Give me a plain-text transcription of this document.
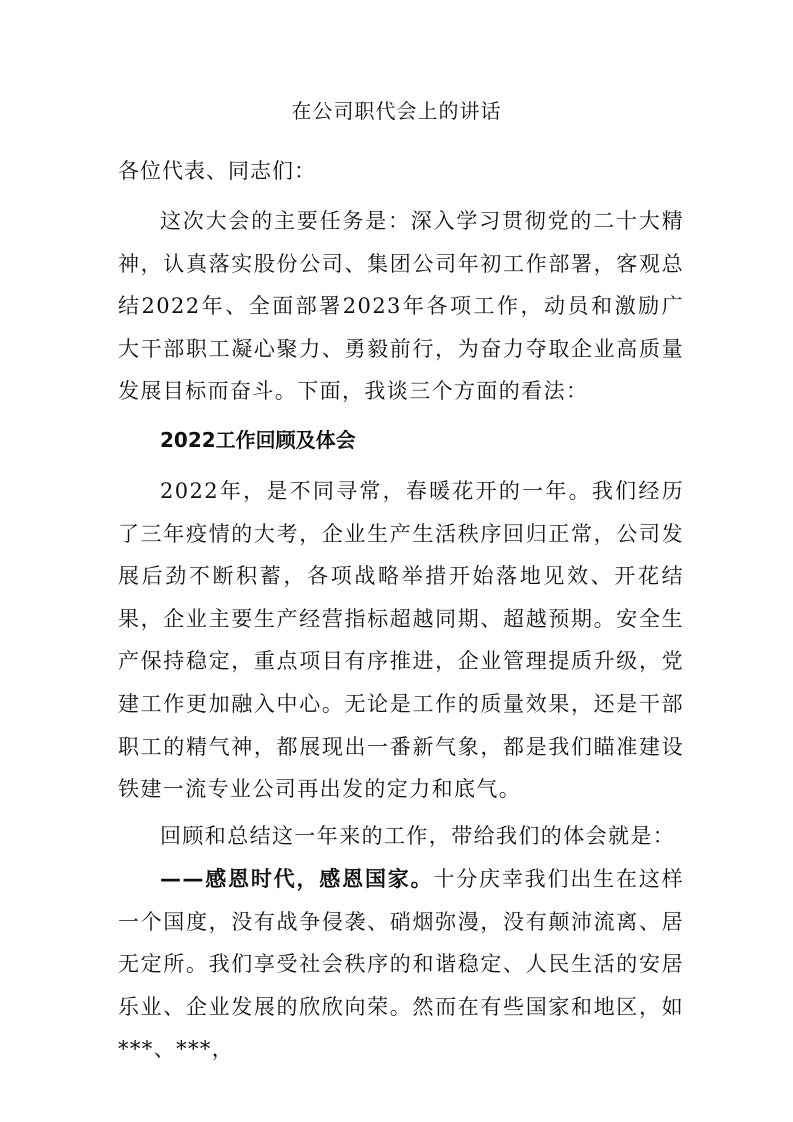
在公司职代会上的讲话
各位代表、同志们：

这次大会的主要任务是：深入学习贯彻党的二十大精神，认真落实股份公司、集团公司年初工作部署，客观总结2022年、全面部署2023年各项工作，动员和激励广大干部职工凝心聚力、勇毅前行，为奋力夺取企业高质量发展目标而奋斗。下面，我谈三个方面的看法：

2022工作回顾及体会

2022年，是不同寻常，春暖花开的一年。我们经历了三年疫情的大考，企业生产生活秩序回归正常，公司发展后劲不断积蓄，各项战略举措开始落地见效、开花结果，企业主要生产经营指标超越同期、超越预期。安全生产保持稳定，重点项目有序推进，企业管理提质升级，党建工作更加融入中心。无论是工作的质量效果，还是干部职工的精气神，都展现出一番新气象，都是我们瞄准建设铁建一流专业公司再出发的定力和底气。

回顾和总结这一年来的工作，带给我们的体会就是：

——感恩时代，感恩国家。十分庆幸我们出生在这样一个国度，没有战争侵袭、硝烟弥漫，没有颠沛流离、居无定所。我们享受社会秩序的和谐稳定、人民生活的安居乐业、企业发展的欣欣向荣。然而在有些国家和地区，如***、***，
